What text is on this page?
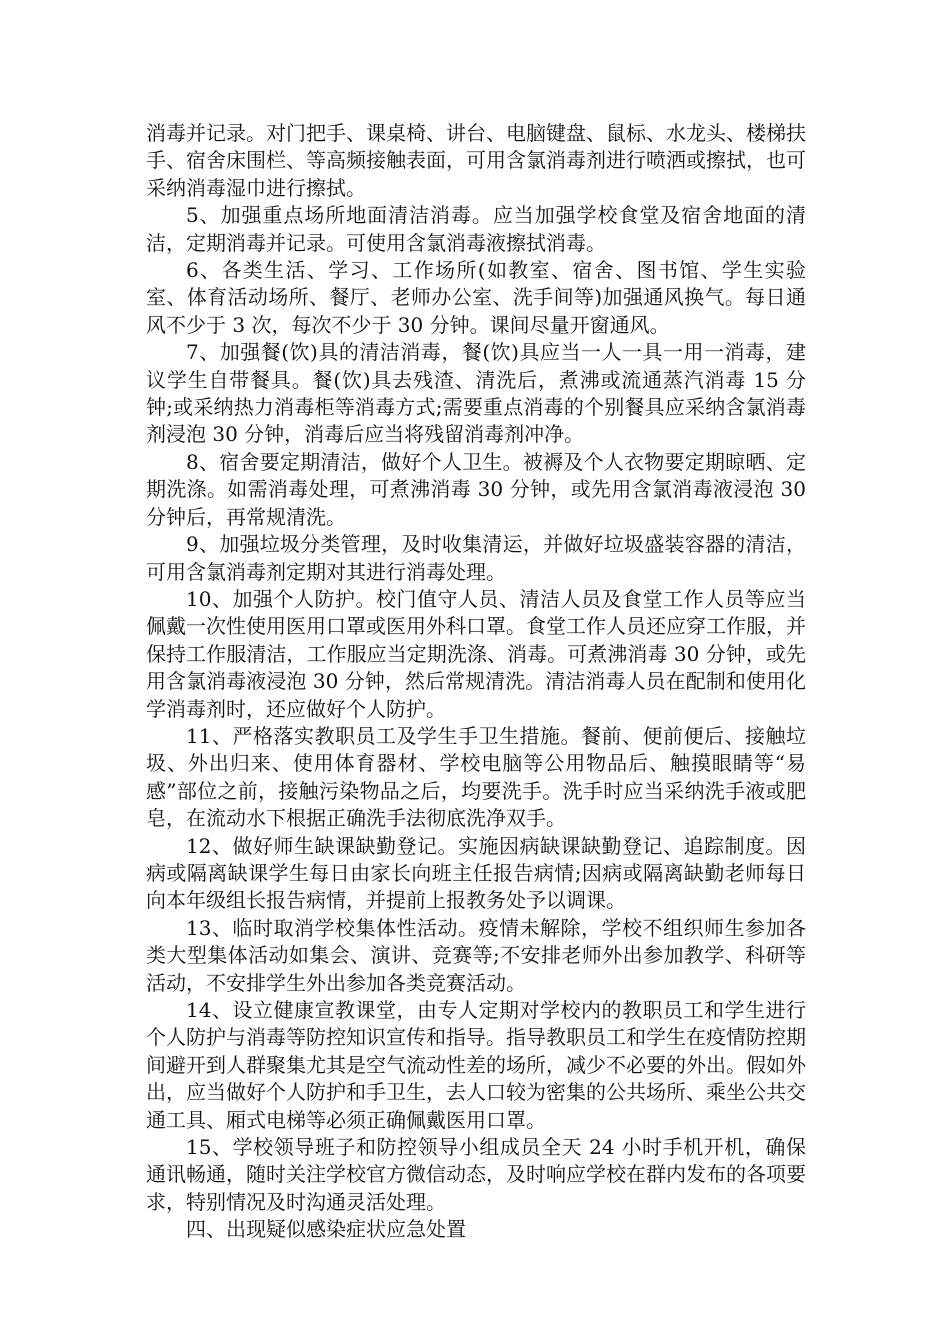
消毒并记录。对门把手、课桌椅、讲台、电脑键盘、鼠标、水龙头、楼梯扶手、宿舍床围栏、等高频接触表面，可用含氯消毒剂进行喷洒或擦拭，也可采纳消毒湿巾进行擦拭。

5、加强重点场所地面清洁消毒。应当加强学校食堂及宿舍地面的清洁，定期消毒并记录。可使用含氯消毒液擦拭消毒。

6、各类生活、学习、工作场所(如教室、宿舍、图书馆、学生实验室、体育活动场所、餐厅、老师办公室、洗手间等)加强通风换气。每日通风不少于 3 次，每次不少于 30 分钟。课间尽量开窗通风。

7、加强餐(饮)具的清洁消毒，餐(饮)具应当一人一具一用一消毒，建议学生自带餐具。餐(饮)具去残渣、清洗后，煮沸或流通蒸汽消毒 15 分钟;或采纳热力消毒柜等消毒方式;需要重点消毒的个别餐具应采纳含氯消毒剂浸泡 30 分钟，消毒后应当将残留消毒剂冲净。

8、宿舍要定期清洁，做好个人卫生。被褥及个人衣物要定期晾晒、定期洗涤。如需消毒处理，可煮沸消毒 30 分钟，或先用含氯消毒液浸泡 30 分钟后，再常规清洗。

9、加强垃圾分类管理，及时收集清运，并做好垃圾盛装容器的清洁，可用含氯消毒剂定期对其进行消毒处理。

10、加强个人防护。校门值守人员、清洁人员及食堂工作人员等应当佩戴一次性使用医用口罩或医用外科口罩。食堂工作人员还应穿工作服，并保持工作服清洁，工作服应当定期洗涤、消毒。可煮沸消毒 30 分钟，或先用含氯消毒液浸泡 30 分钟，然后常规清洗。清洁消毒人员在配制和使用化学消毒剂时，还应做好个人防护。

11、严格落实教职员工及学生手卫生措施。餐前、便前便后、接触垃圾、外出归来、使用体育器材、学校电脑等公用物品后、触摸眼睛等“易感”部位之前，接触污染物品之后，均要洗手。洗手时应当采纳洗手液或肥皂，在流动水下根据正确洗手法彻底洗净双手。

12、做好师生缺课缺勤登记。实施因病缺课缺勤登记、追踪制度。因病或隔离缺课学生每日由家长向班主任报告病情;因病或隔离缺勤老师每日向本年级组长报告病情，并提前上报教务处予以调课。

13、临时取消学校集体性活动。疫情未解除，学校不组织师生参加各类大型集体活动如集会、演讲、竞赛等;不安排老师外出参加教学、科研等活动，不安排学生外出参加各类竞赛活动。

14、设立健康宣教课堂，由专人定期对学校内的教职员工和学生进行个人防护与消毒等防控知识宣传和指导。指导教职员工和学生在疫情防控期间避开到人群聚集尤其是空气流动性差的场所，减少不必要的外出。假如外出，应当做好个人防护和手卫生，去人口较为密集的公共场所、乘坐公共交通工具、厢式电梯等必须正确佩戴医用口罩。

15、学校领导班子和防控领导小组成员全天 24 小时手机开机，确保通讯畅通，随时关注学校官方微信动态，及时响应学校在群内发布的各项要求，特别情况及时沟通灵活处理。

四、出现疑似感染症状应急处置
